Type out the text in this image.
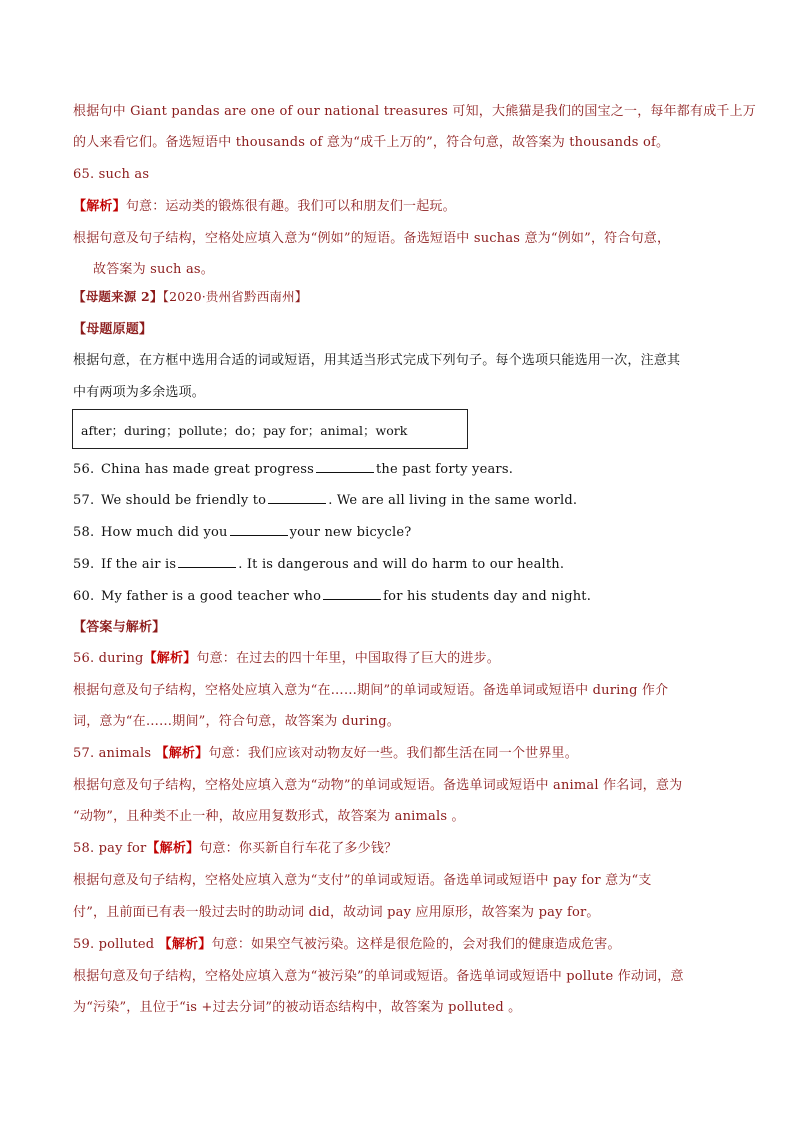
根据句中 Giant pandas are one of our national treasures 可知，大熊猫是我们的国宝之一，每年都有成千上万
的人来看它们。备选短语中 thousands of 意为“成千上万的”，符合句意，故答案为 thousands of。
65. such as
【解析】句意：运动类的锻炼很有趣。我们可以和朋友们一起玩。
根据句意及句子结构，空格处应填入意为“例如”的短语。备选短语中 suchas 意为“例如”，符合句意，
故答案为 such as。
【母题来源 2】【2020·贵州省黔西南州】
【母题原题】
根据句意，在方框中选用合适的词或短语，用其适当形式完成下列句子。每个选项只能选用一次，注意其
中有两项为多余选项。
after；during；pollute；do；pay for；animal；work
56. China has made great progress	the past forty years.
57. We should be friendly to	. We are all living in the same world.
58. How much did you	your new bicycle?
59. If the air is	. It is dangerous and will do harm to our health.
60. My father is a good teacher who	for his students day and night.
【答案与解析】
56. during【解析】句意：在过去的四十年里，中国取得了巨大的进步。
根据句意及句子结构，空格处应填入意为“在……期间”的单词或短语。备选单词或短语中 during 作介
词，意为“在……期间”，符合句意，故答案为 during。
57. animals 【解析】句意：我们应该对动物友好一些。我们都生活在同一个世界里。
根据句意及句子结构，空格处应填入意为“动物”的单词或短语。备选单词或短语中 animal 作名词，意为
“动物”，且种类不止一种，故应用复数形式，故答案为 animals 。
58. pay for【解析】句意：你买新自行车花了多少钱？
根据句意及句子结构，空格处应填入意为“支付”的单词或短语。备选单词或短语中 pay for 意为“支
付”，且前面已有表一般过去时的助动词 did，故动词 pay 应用原形，故答案为 pay for。
59. polluted 【解析】句意：如果空气被污染。这样是很危险的，会对我们的健康造成危害。
根据句意及句子结构，空格处应填入意为“被污染”的单词或短语。备选单词或短语中 pollute 作动词，意
为“污染”，且位于“is +过去分词”的被动语态结构中，故答案为 polluted 。
